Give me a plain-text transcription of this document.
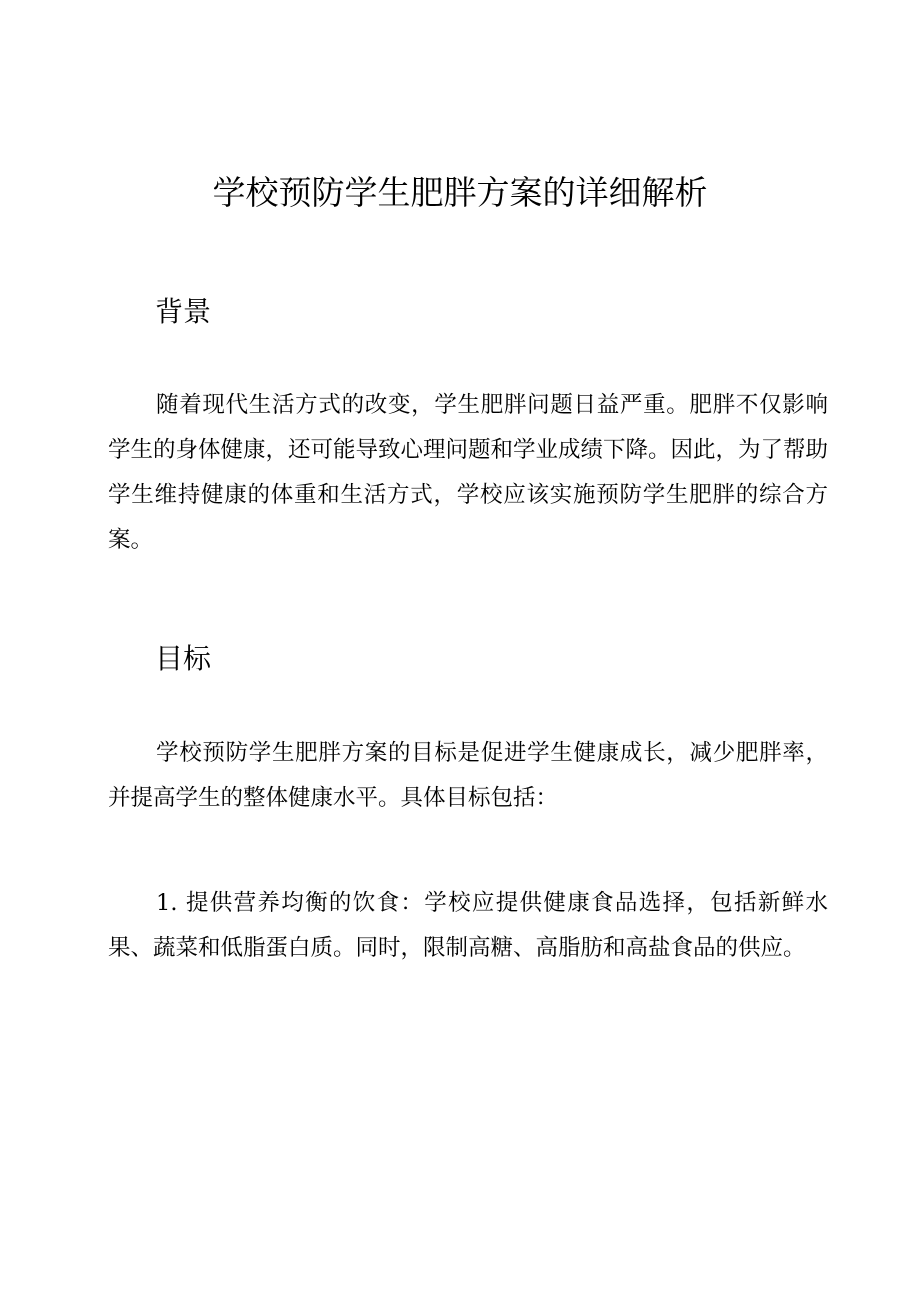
学校预防学生肥胖方案的详细解析
背景

随着现代生活方式的改变，学生肥胖问题日益严重。肥胖不仅影响学生的身体健康，还可能导致心理问题和学业成绩下降。因此，为了帮助学生维持健康的体重和生活方式，学校应该实施预防学生肥胖的综合方案。

目标

学校预防学生肥胖方案的目标是促进学生健康成长，减少肥胖率，并提高学生的整体健康水平。具体目标包括：

1. 提供营养均衡的饮食：学校应提供健康食品选择，包括新鲜水果、蔬菜和低脂蛋白质。同时，限制高糖、高脂肪和高盐食品的供应。
